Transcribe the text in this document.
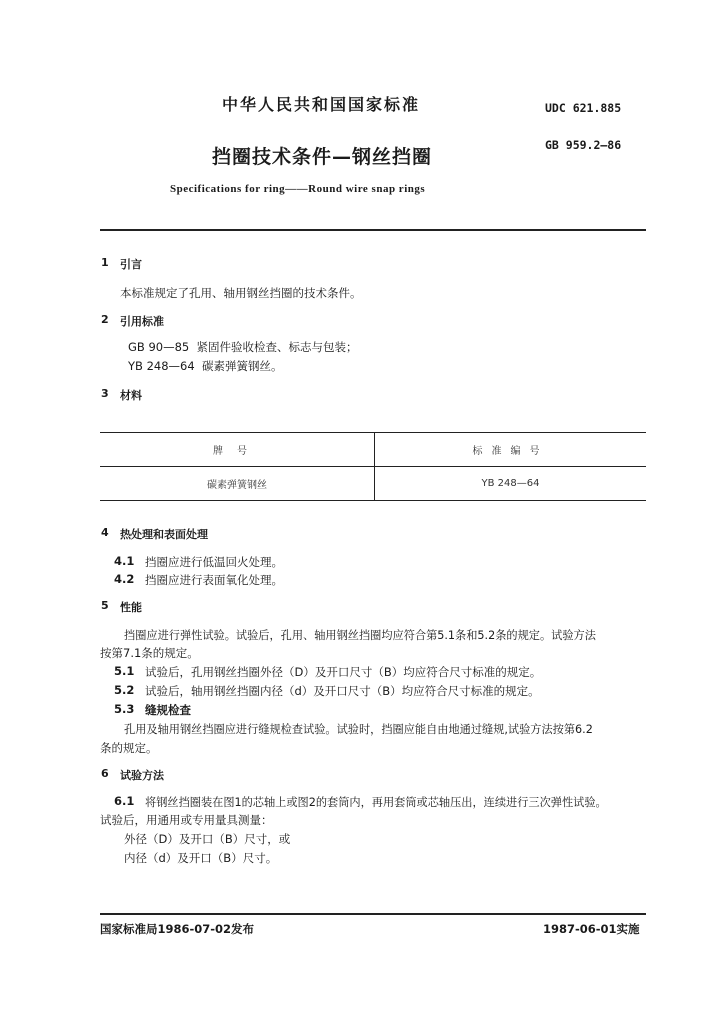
中华人民共和国国家标准	UDC 621.885
挡圈技术条件—钢丝挡圈
GB 959.2—86
Specifications for ring——Round wire snap rings
1 引言
本标准规定了孔用、轴用钢丝挡圈的技术条件。
2 引用标准
GB 90—85  紧固件验收检查、标志与包装；
YB 248—64  碳素弹簧钢丝。
3 材料
牌号	标准编号
碳素弹簧钢丝	YB 248—64
4 热处理和表面处理
4.1 挡圈应进行低温回火处理。
4.2 挡圈应进行表面氧化处理。
5 性能
挡圈应进行弹性试验。试验后，孔用、轴用钢丝挡圈均应符合第5.1条和5.2条的规定。试验方法
按第7.1条的规定。
5.1 试验后，孔用钢丝挡圈外径（D）及开口尺寸（B）均应符合尺寸标准的规定。
5.2 试验后，轴用钢丝挡圈内径（d）及开口尺寸（B）均应符合尺寸标准的规定。
5.3 缝规检查
孔用及轴用钢丝挡圈应进行缝规检查试验。试验时，挡圈应能自由地通过缝规,试验方法按第6.2
条的规定。
6 试验方法
6.1 将钢丝挡圈装在图1的芯轴上或图2的套筒内，再用套筒或芯轴压出，连续进行三次弹性试验。
试验后，用通用或专用量具测量：
外径（D）及开口（B）尺寸，或
内径（d）及开口（B）尺寸。
国家标准局1986-07-02发布	1987-06-01实施
